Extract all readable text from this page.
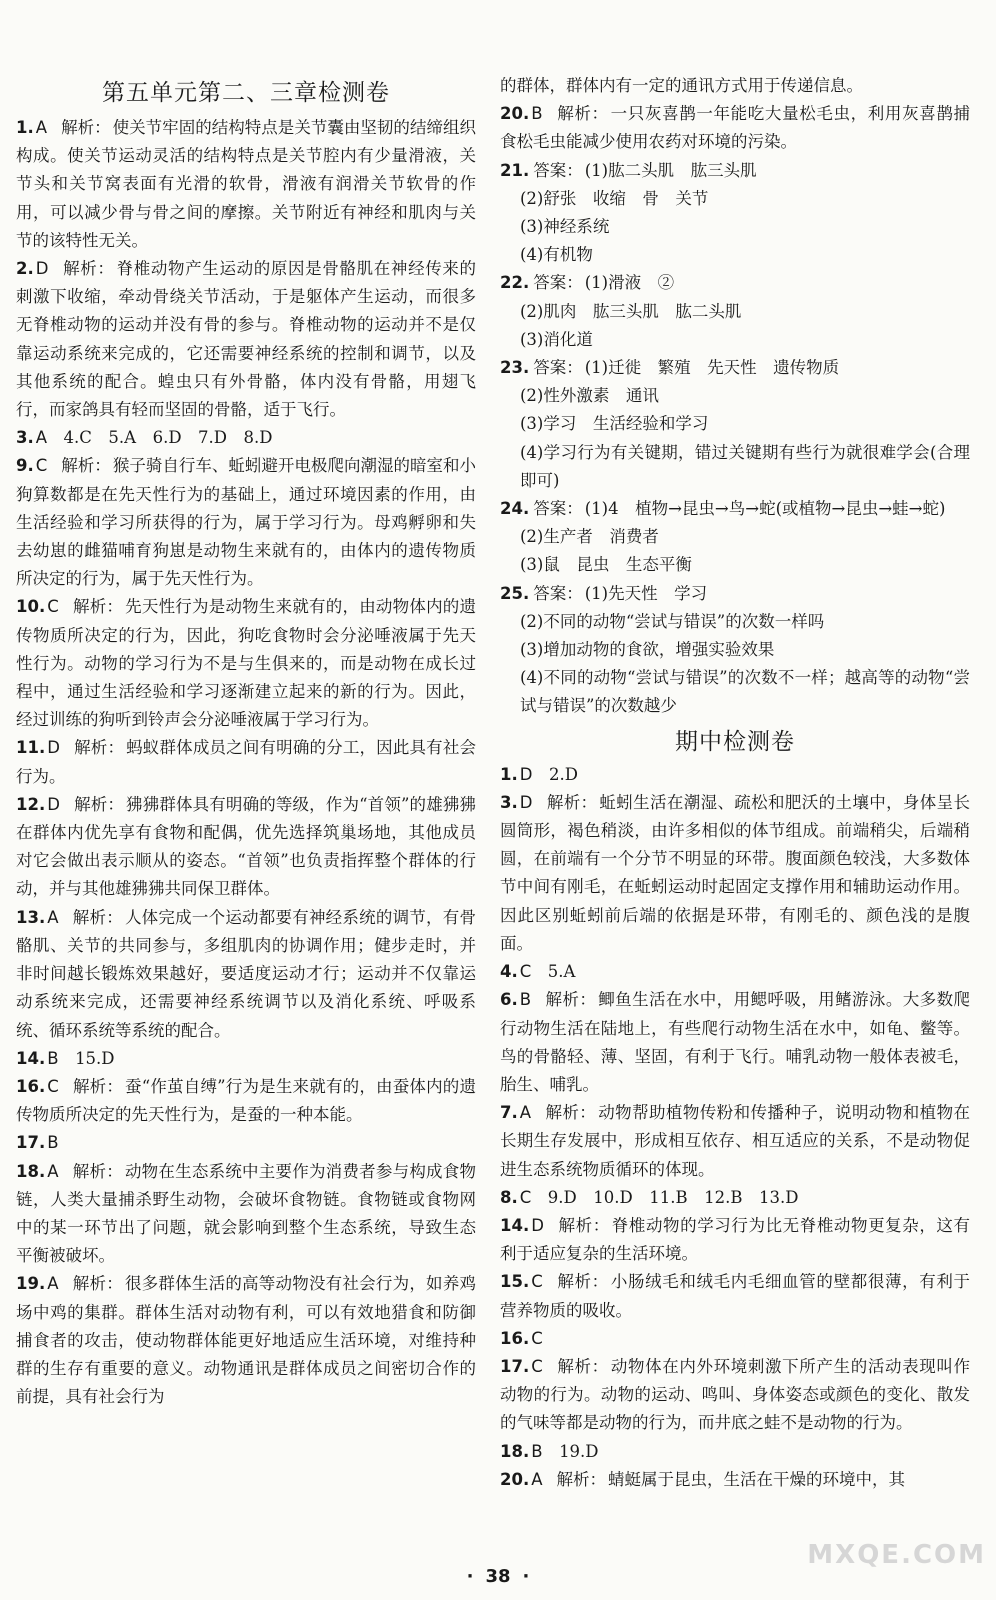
第五单元第二、三章检测卷
1. A 解析： 使关节牢固的结构特点是关节囊由坚韧的结缔组织构成。使关节运动灵活的结构特点是关节腔内有少量滑液，关节头和关节窝表面有光滑的软骨，滑液有润滑关节软骨的作用，可以减少骨与骨之间的摩擦。关节附近有神经和肌肉与关节的该特性无关。
2. D 解析： 脊椎动物产生运动的原因是骨骼肌在神经传来的刺激下收缩，牵动骨绕关节活动，于是躯体产生运动，而很多无脊椎动物的运动并没有骨的参与。脊椎动物的运动并不是仅靠运动系统来完成的，它还需要神经系统的控制和调节，以及其他系统的配合。蝗虫只有外骨骼，体内没有骨骼，用翅飞行，而家鸽具有轻而坚固的骨骼，适于飞行。
3. A　 4.C　5.A　6.D　7.D　8.D
9. C 解析： 猴子骑自行车、蚯蚓避开电极爬向潮湿的暗室和小狗算数都是在先天性行为的基础上，通过环境因素的作用，由生活经验和学习所获得的行为，属于学习行为。母鸡孵卵和失去幼崽的雌猫哺育狗崽是动物生来就有的，由体内的遗传物质所决定的行为，属于先天性行为。
10. C 解析： 先天性行为是动物生来就有的，由动物体内的遗传物质所决定的行为，因此，狗吃食物时会分泌唾液属于先天性行为。动物的学习行为不是与生俱来的，而是动物在成长过程中，通过生活经验和学习逐渐建立起来的新的行为。因此，经过训练的狗听到铃声会分泌唾液属于学习行为。
11. D 解析： 蚂蚁群体成员之间有明确的分工，因此具有社会行为。
12. D 解析： 狒狒群体具有明确的等级，作为“首领”的雄狒狒在群体内优先享有食物和配偶，优先选择筑巢场地，其他成员对它会做出表示顺从的姿态。“首领”也负责指挥整个群体的行动，并与其他雄狒狒共同保卫群体。
13. A 解析： 人体完成一个运动都要有神经系统的调节，有骨骼肌、关节的共同参与，多组肌肉的协调作用；健步走时，并非时间越长锻炼效果越好，要适度运动才行；运动并不仅靠运动系统来完成，还需要神经系统调节以及消化系统、呼吸系统、循环系统等系统的配合。
14. B　 15.D
16. C 解析： 蚕“作茧自缚”行为是生来就有的，由蚕体内的遗传物质所决定的先天性行为，是蚕的一种本能。
17. B
18. A 解析： 动物在生态系统中主要作为消费者参与构成食物链，人类大量捕杀野生动物，会破坏食物链。食物链或食物网中的某一环节出了问题，就会影响到整个生态系统，导致生态平衡被破坏。
19. A 解析： 很多群体生活的高等动物没有社会行为，如养鸡场中鸡的集群。群体生活对动物有利，可以有效地猎食和防御捕食者的攻击，使动物群体能更好地适应生活环境，对维持种群的生存有重要的意义。动物通讯是群体成员之间密切合作的前提，具有社会行为
的群体，群体内有一定的通讯方式用于传递信息。
20. B 解析： 一只灰喜鹊一年能吃大量松毛虫，利用灰喜鹊捕食松毛虫能减少使用农药对环境的污染。
21. 答案： (1)肱二头肌　肱三头肌
(2)舒张　收缩　骨　关节
(3)神经系统
(4)有机物
22. 答案： (1)滑液　②
(2)肌肉　肱三头肌　肱二头肌
(3)消化道
23. 答案： (1)迁徙　繁殖　先天性　遗传物质
(2)性外激素　通讯
(3)学习　生活经验和学习
(4)学习行为有关键期，错过关键期有些行为就很难学会(合理即可)
24. 答案： (1)4　植物→昆虫→鸟→蛇(或植物→昆虫→蛙→蛇)
(2)生产者　消费者
(3)鼠　昆虫　生态平衡
25. 答案： (1)先天性　学习
(2)不同的动物“尝试与错误”的次数一样吗
(3)增加动物的食欲，增强实验效果
(4)不同的动物“尝试与错误”的次数不一样；越高等的动物“尝试与错误”的次数越少
期中检测卷
1. D　 2.D
3. D 解析： 蚯蚓生活在潮湿、疏松和肥沃的土壤中，身体呈长圆筒形，褐色稍淡，由许多相似的体节组成。前端稍尖，后端稍圆，在前端有一个分节不明显的环带。腹面颜色较浅，大多数体节中间有刚毛，在蚯蚓运动时起固定支撑作用和辅助运动作用。因此区别蚯蚓前后端的依据是环带，有刚毛的、颜色浅的是腹面。
4. C　 5.A
6. B 解析： 鲫鱼生活在水中，用鳃呼吸，用鳍游泳。大多数爬行动物生活在陆地上，有些爬行动物生活在水中，如龟、鳖等。鸟的骨骼轻、薄、坚固，有利于飞行。哺乳动物一般体表被毛，胎生、哺乳。
7. A 解析： 动物帮助植物传粉和传播种子，说明动物和植物在长期生存发展中，形成相互依存、相互适应的关系，不是动物促进生态系统物质循环的体现。
8. C　 9.D　10.D　11.B　12.B　13.D
14. D 解析： 脊椎动物的学习行为比无脊椎动物更复杂，这有利于适应复杂的生活环境。
15. C 解析： 小肠绒毛和绒毛内毛细血管的壁都很薄，有利于营养物质的吸收。
16. C
17. C 解析： 动物体在内外环境刺激下所产生的活动表现叫作动物的行为。动物的运动、鸣叫、身体姿态或颜色的变化、散发的气味等都是动物的行为，而井底之蛙不是动物的行为。
18. B　 19.D
20. A 解析： 蜻蜓属于昆虫，生活在干燥的环境中，其
· 38 ·
MXQE.COM
